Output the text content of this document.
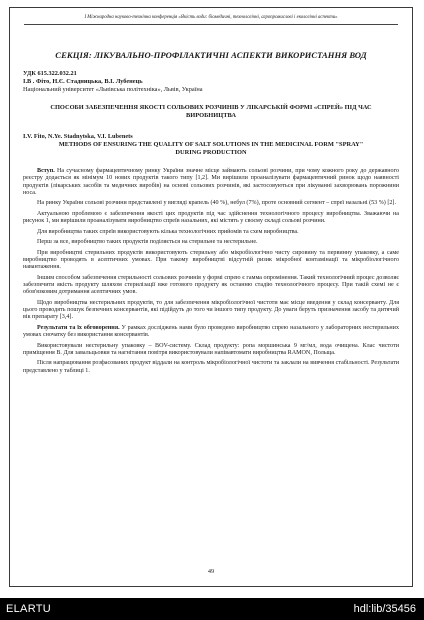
І Міжнародна науково-технічна конференція «Якість води: біомедичні, технологічні, агропромислові і екологічні аспекти»
СЕКЦІЯ: ЛІКУВАЛЬНО-ПРОФІЛАКТИЧНІ АСПЕКТИ ВИКОРИСТАННЯ ВОД
УДК 615.322.032.21
І.В . Фіто, Н.Є. Стадницька, В.І. Лубенець
Національний університет «Львівська політехніка», Львів, Україна
СПОСОБИ ЗАБЕЗПЕЧЕННЯ ЯКОСТІ СОЛЬОВИХ РОЗЧИНІВ У ЛІКАРСЬКІЙ ФОРМІ «СПРЕЙ» ПІД ЧАС ВИРОБНИЦТВА
I.V. Fito, N.Ye. Stadnytska, V.I. Lubenets
METHODS OF ENSURING THE QUALITY OF SALT SOLUTIONS IN THE MEDICINAL FORM "SPRAY" DURING PRODUCTION

Вступ. На сучасному фармацевтичному ринку України значне місце займають сольові розчини, при чому кожного року до державного реєстру додається як мінімум 10 нових продуктів такого типу [1,2]. Ми вирішили проаналізувати фармацевтичний ринок щодо наявності продуктів (лікарських засобів та медичних виробів) на основі сольових розчинів, які застосовуються при лікуванні захворювань порожнини носа.

На ринку України сольові розчини представлені у вигляді крапель (40 %), небул (7%), проте основний сегмент – спреї назальні (53 %) [2].

Актуальною проблемою є забезпечення якості цих продуктів під час здійснення технологічного процесу виробництва. Зважаючи на рисунок 1, ми вирішили проаналізувати виробництво спреїв назальних, які містять у своєму складі сольові розчини.

Для виробництва таких спреїв використовують кілька технологічних прийомів та схем виробництва.

Перш за все, виробництво таких продуктів поділяється на стерильне та нестерильне.

При виробництві стерильних продуктів використовують стерильну або мікробіологічно чисту сировину та первинну упаковку, а саме виробництво проводять в асептичних умовах. При такому виробництві відсутній ризик мікробної контамінації та мікробіологічного навантаження.

Іншим способом забезпечення стерильності сольових розчинів у формі спрею є гамма опромінення. Такий технологічний процес дозволяє забезпечити якість продукту шляхом стерилізації вже готового продукту як останню стадію технологічного процесу. При такій схемі не є обов'язковим дотримання асептичних умов.

Щодо виробництва нестерильних продуктів, то для забезпечення мікробіологічної чистоти має місце введення у склад консерванту. Для цього проводять пошук безпечних консервантів, які підійдуть до того чи іншого типу продукту. До уваги беруть призначення засобу та дитячий вік препарату [3,4].

Результати та їх обговорення. У рамках досліджень нами було проведено виробництво спрею назального у лабораторних нестерильних умовах сночатку без використання консервантів.

Використовували нестерильну упаковку – BOV-систему. Склад продукту: ропа моршинська 9 мг/мл, вода очищена. Клас чистоти приміщення В. Для завальцьовки та нагнітання повітря використовували напівавтомати виробництва RAMON, Польща.

Після напрацювання розфасованих продукт віддали на контроль мікробіологічної чистоти та заклали на вивчення стабільності. Результати представлено у таблиці 1.

49
ELARTU	hdl:lib/35456
